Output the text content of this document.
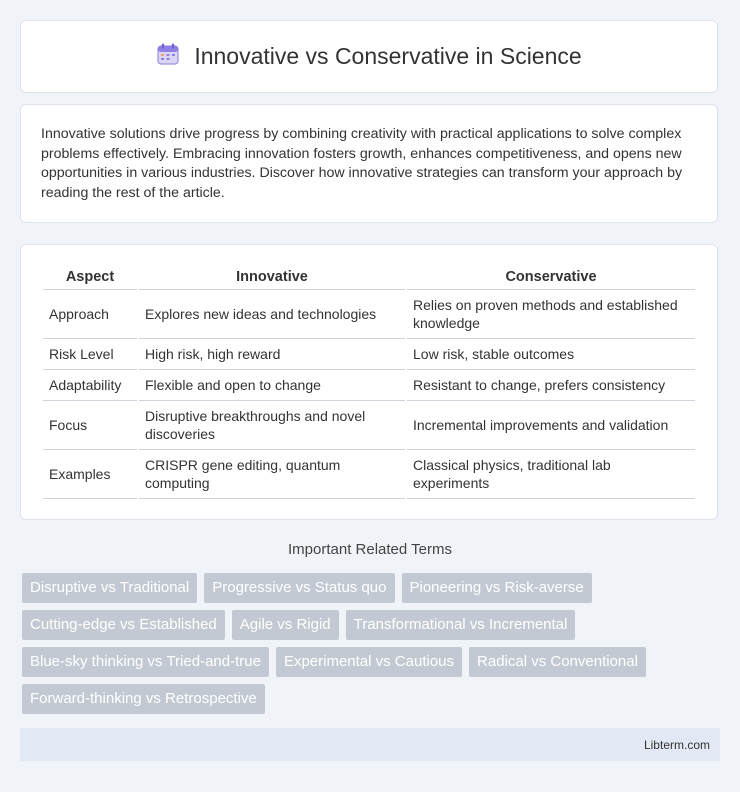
Innovative vs Conservative in Science
Innovative solutions drive progress by combining creativity with practical applications to solve complex problems effectively. Embracing innovation fosters growth, enhances competitiveness, and opens new opportunities in various industries. Discover how innovative strategies can transform your approach by reading the rest of the article.
Aspect	Innovative	Conservative
Approach	Explores new ideas and technologies	Relies on proven methods and established knowledge
Risk Level	High risk, high reward	Low risk, stable outcomes
Adaptability	Flexible and open to change	Resistant to change, prefers consistency
Focus	Disruptive breakthroughs and novel discoveries	Incremental improvements and validation
Examples	CRISPR gene editing, quantum computing	Classical physics, traditional lab experiments
Important Related Terms
Disruptive vs Traditional	Progressive vs Status quo	Pioneering vs Risk-averse
Cutting-edge vs Established	Agile vs Rigid	Transformational vs Incremental
Blue-sky thinking vs Tried-and-true	Experimental vs Cautious	Radical vs Conventional
Forward-thinking vs Retrospective
Libterm.com
